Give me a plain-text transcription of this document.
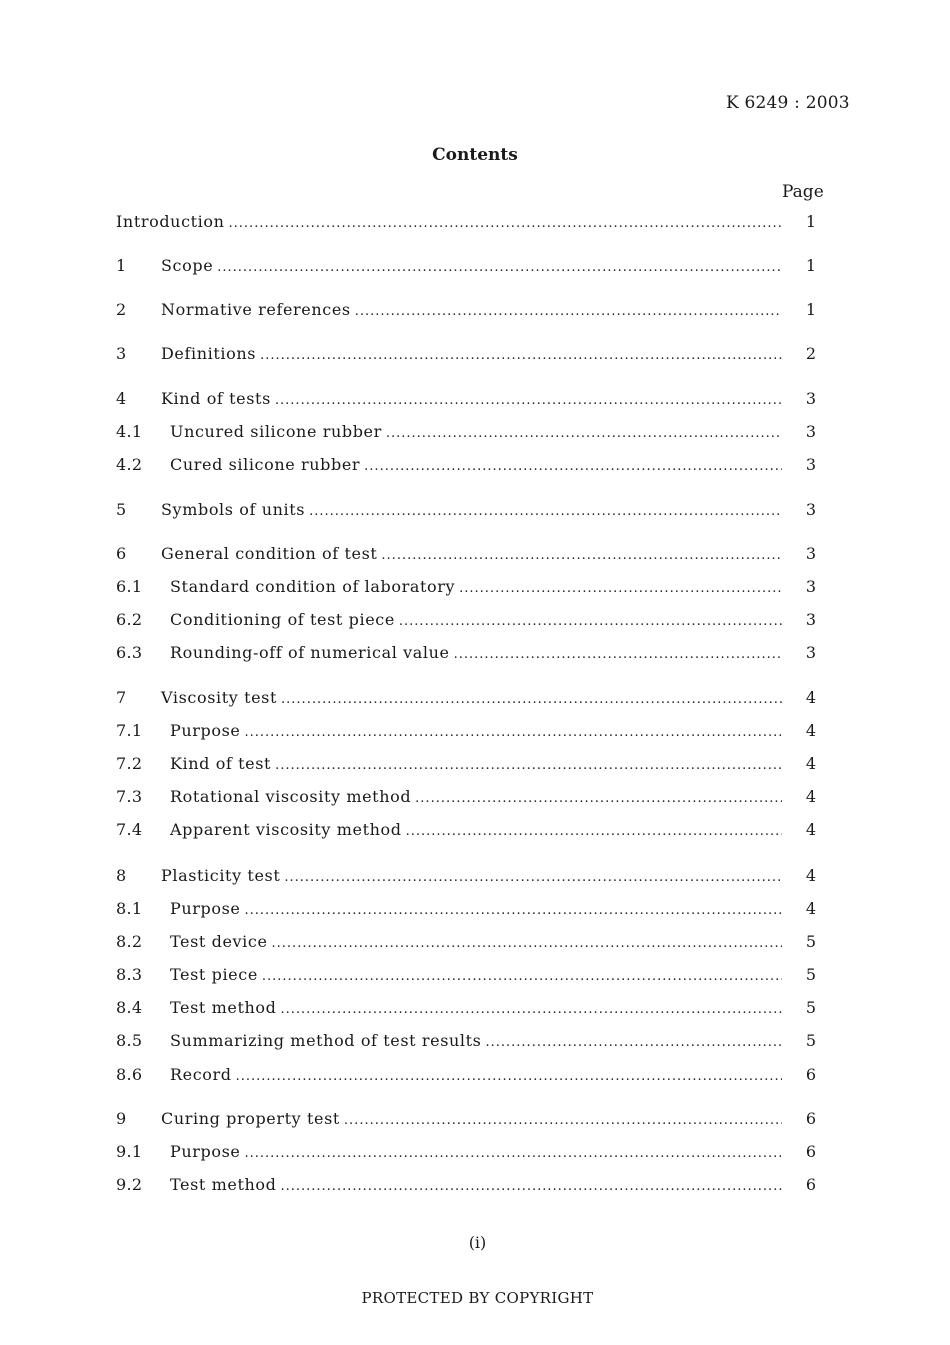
K 6249 : 2003
Contents
Page
Introduction .....	1
1	Scope .....	1
2	Normative references .....	1
3	Definitions .....	2
4	Kind of tests .....	3
4.1	Uncured silicone rubber .....	3
4.2	Cured silicone rubber .....	3
5	Symbols of units .....	3
6	General condition of test .....	3
6.1	Standard condition of laboratory .....	3
6.2	Conditioning of test piece .....	3
6.3	Rounding-off of numerical value .....	3
7	Viscosity test .....	4
7.1	Purpose .....	4
7.2	Kind of test .....	4
7.3	Rotational viscosity method .....	4
7.4	Apparent viscosity method .....	4
8	Plasticity test .....	4
8.1	Purpose .....	4
8.2	Test device .....	5
8.3	Test piece .....	5
8.4	Test method .....	5
8.5	Summarizing method of test results .....	5
8.6	Record .....	6
9	Curing property test .....	6
9.1	Purpose .....	6
9.2	Test method .....	6
(i)
PROTECTED BY COPYRIGHT
